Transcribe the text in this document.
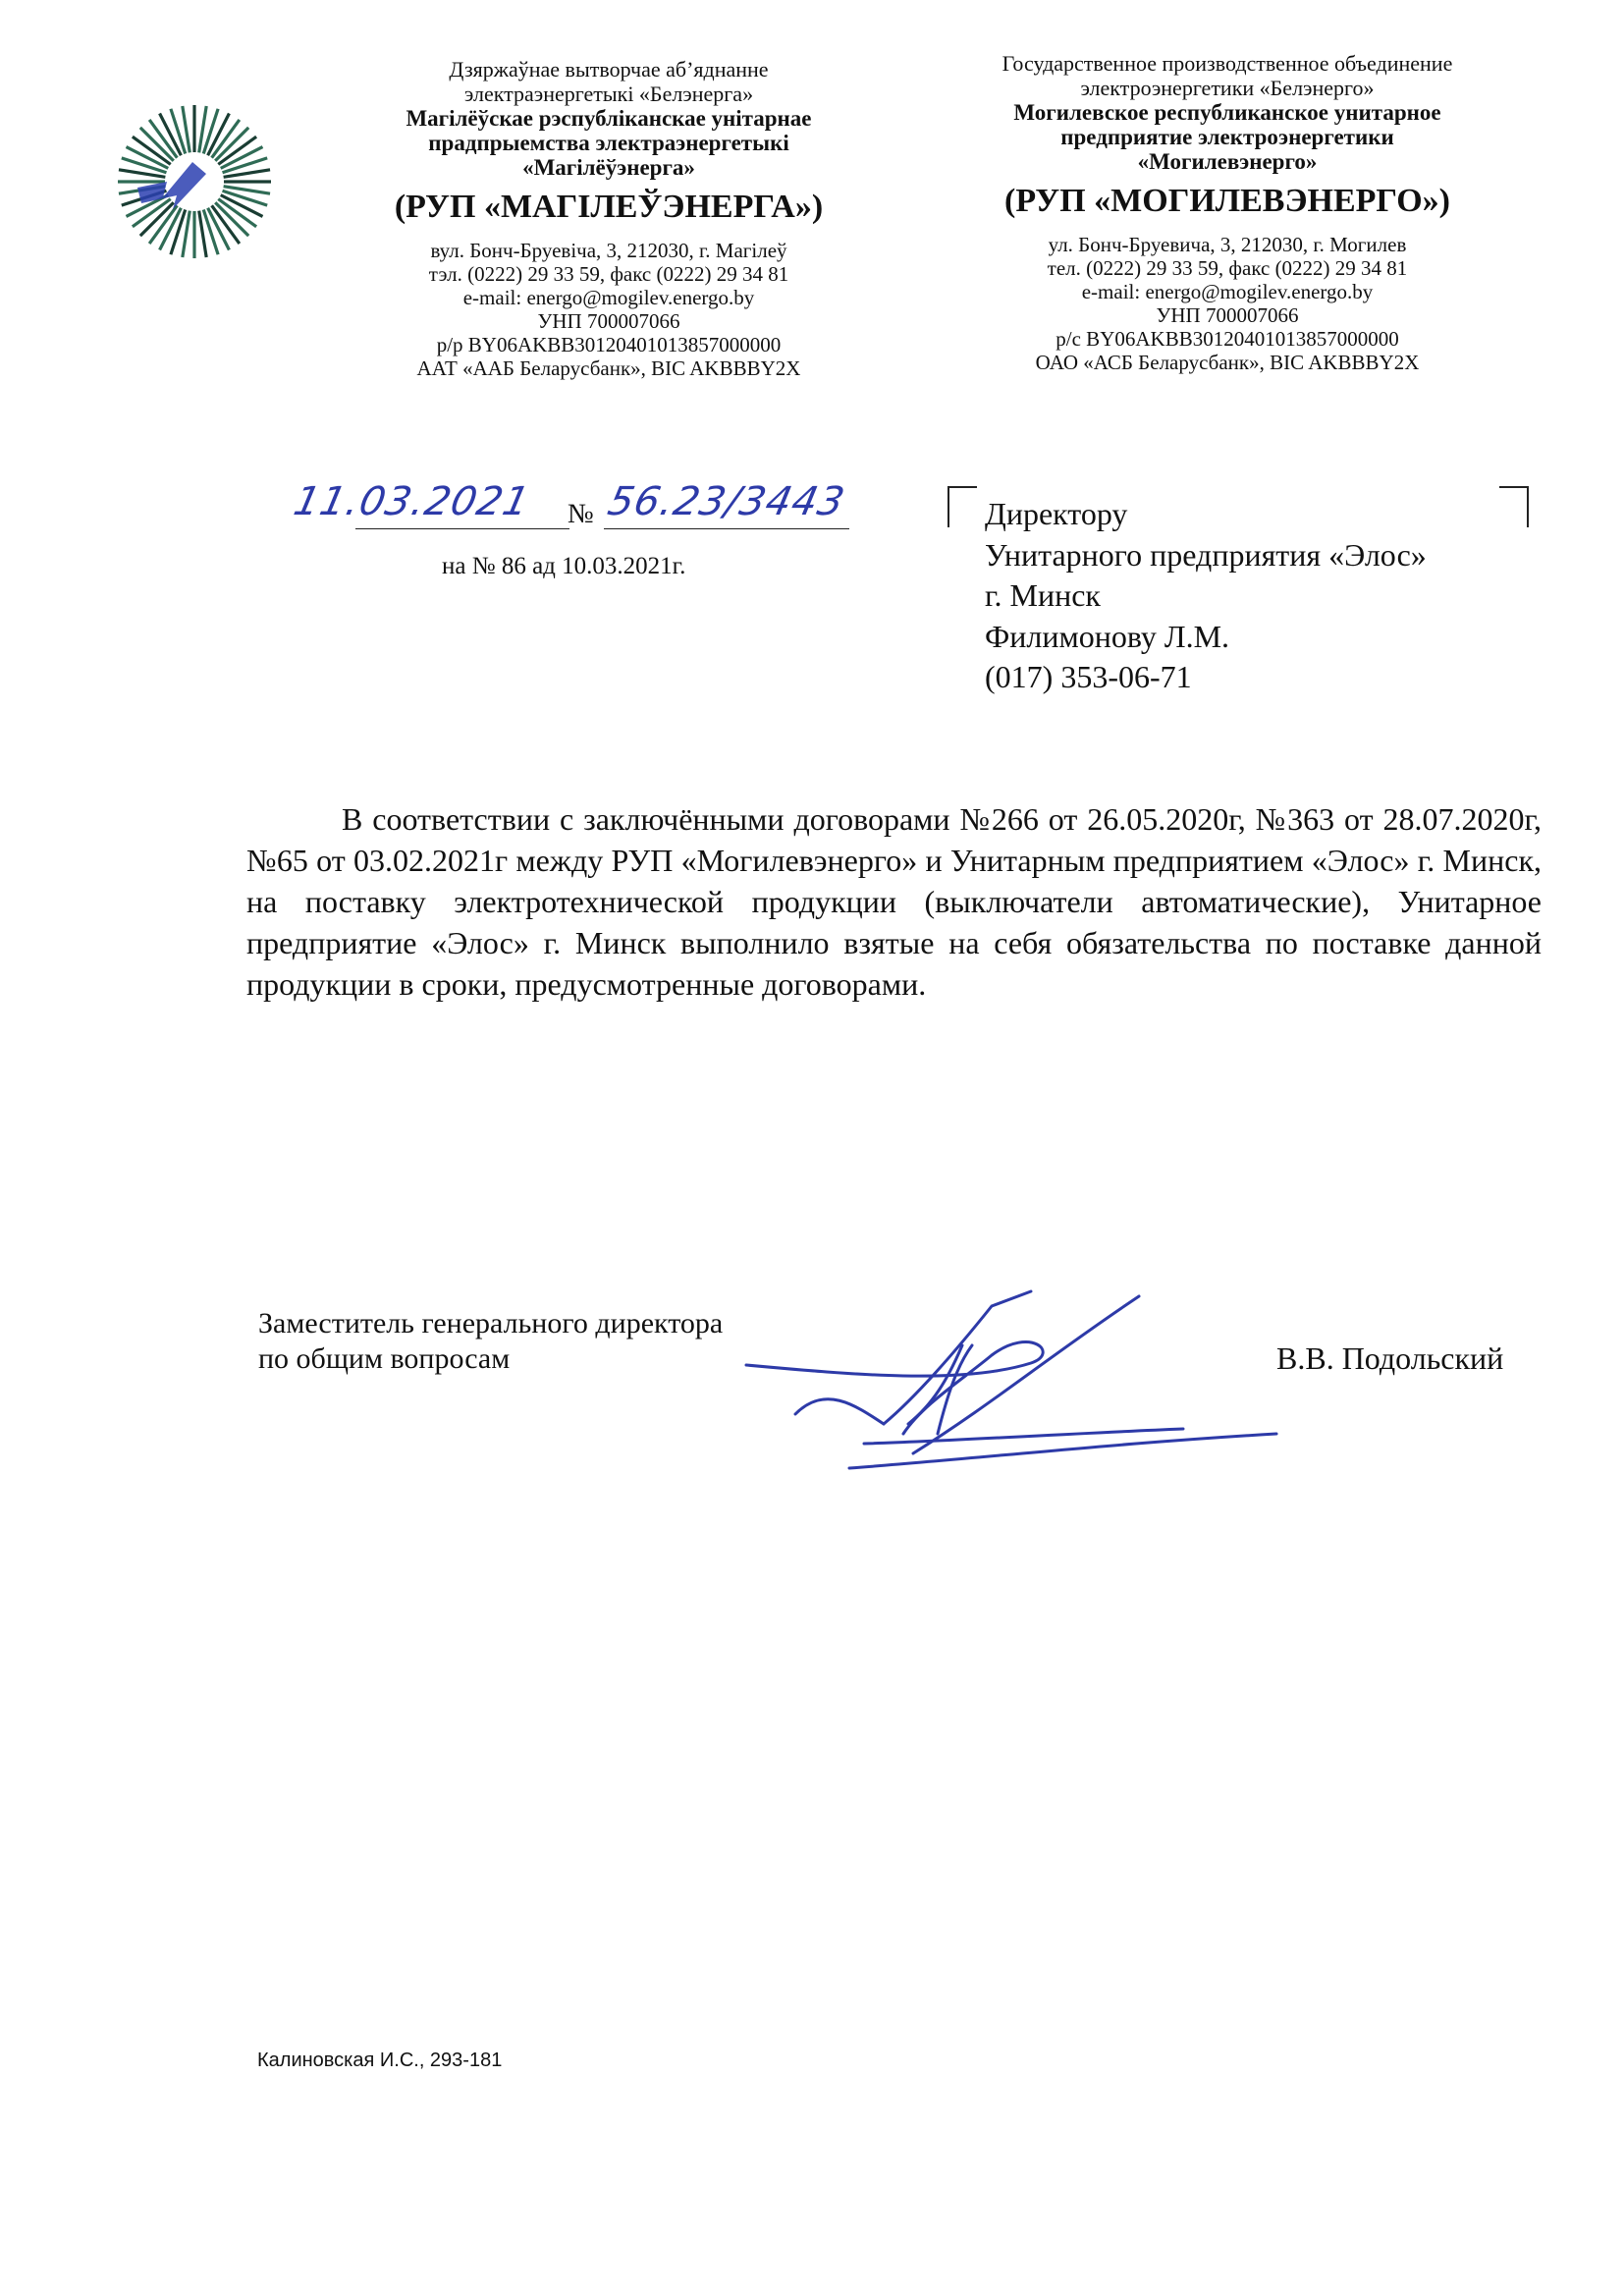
Дзяржаўнае вытворчае аб’яднанне
электраэнергетыкі «Белэнерга»
Магілёўскае рэспубліканскае унітарнае
прадпрыемства электраэнергетыкі
«Магілёўэнерга»
(РУП «МАГІЛЕЎЭНЕРГА»)
вул. Бонч-Бруевіча, 3, 212030, г. Магілеў
тэл. (0222) 29 33 59, факс (0222) 29 34 81
e-mail: energo@mogilev.energo.by
УНП 700007066
р/р BY06AKBB30120401013857000000
ААТ «ААБ Беларусбанк», BIC AKBBBY2X
Государственное производственное объединение
электроэнергетики «Белэнерго»
Могилевское республиканское унитарное
предприятие электроэнергетики
«Могилевэнерго»
(РУП «МОГИЛЕВЭНЕРГО»)
ул. Бонч-Бруевича, 3, 212030, г. Могилев
тел. (0222) 29 33 59, факс (0222) 29 34 81
e-mail: energo@mogilev.energo.by
УНП 700007066
р/с BY06AKBB30120401013857000000
ОАО «АСБ Беларусбанк», BIC AKBBBY2X
11.03.2021 № 56.23/3443
на № 86 ад 10.03.2021г.
Директору
Унитарного предприятия «Элос»
г. Минск
Филимонову Л.М.
(017) 353-06-71
В соответствии с заключёнными договорами №266 от 26.05.2020г, №363 от 28.07.2020г, №65 от 03.02.2021г между РУП «Могилевэнерго» и Унитарным предприятием «Элос» г. Минск, на поставку электротехнической продукции (выключатели автоматические), Унитарное предприятие «Элос» г. Минск выполнило взятые на себя обязательства по поставке данной продукции в сроки, предусмотренные договорами.
Заместитель генерального директора
по общим вопросам	В.В. Подольский
Калиновская И.С., 293-181
